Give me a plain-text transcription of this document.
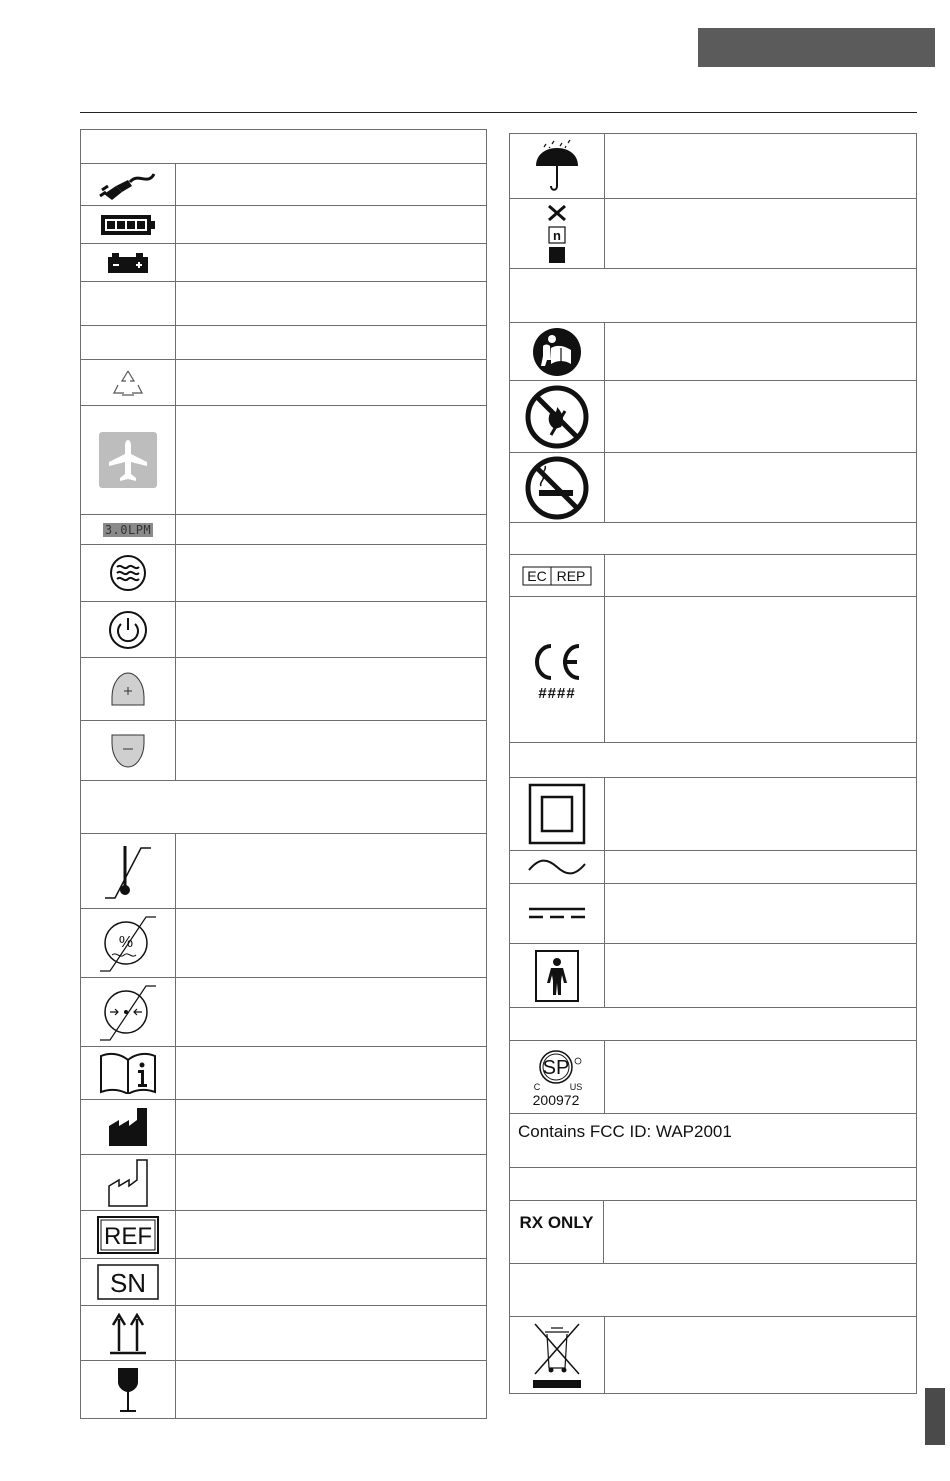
3.0LPM
%
REF
SN
n
EC REP
####
SP
C	US
200972
Contains FCC ID: WAP2001
RX ONLY
